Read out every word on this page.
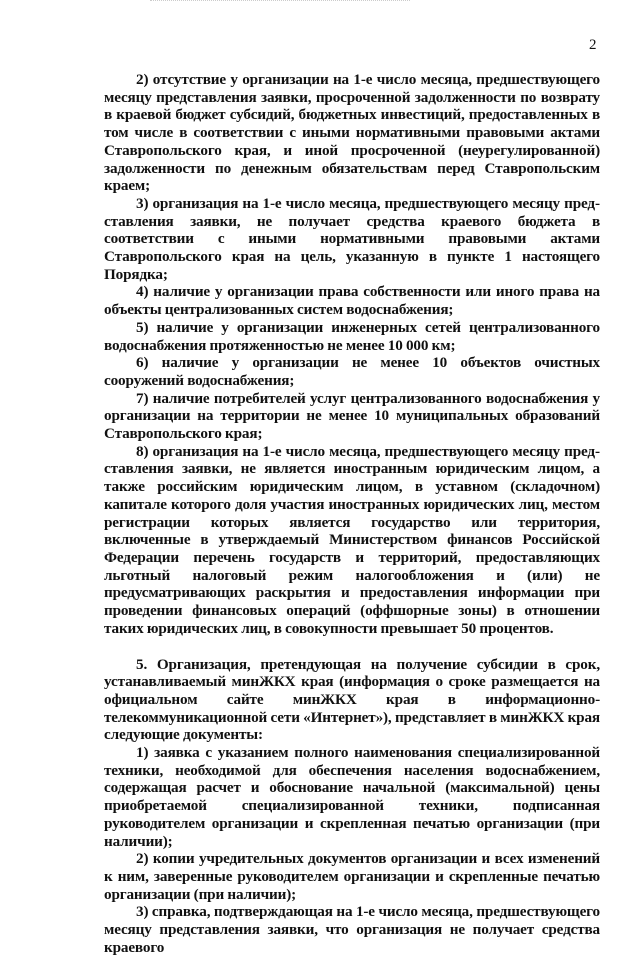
2

2) отсутствие у организации на 1-е число месяца, предшествующего месяцу представления заявки, просроченной задолженности по возврату в краевой бюджет субсидий, бюджетных инвестиций, предоставленных в том числе в соответствии с иными нормативными правовыми актами Ставропольского края, и иной просроченной (неурегулированной) задолженности по денежным обязательствам перед Ставропольским краем;

3) организация на 1-е число месяца, предшествующего месяцу представления заявки, не получает средства краевого бюджета в соответствии с иными нормативными правовыми актами Ставропольского края на цель, указанную в пункте 1 настоящего Порядка;

4) наличие у организации права собственности или иного права на объекты централизованных систем водоснабжения;

5) наличие у организации инженерных сетей централизованного водоснабжения протяженностью не менее 10 000 км;

6) наличие у организации не менее 10 объектов очистных сооружений водоснабжения;

7) наличие потребителей услуг централизованного водоснабжения у организации на территории не менее 10 муниципальных образований Ставропольского края;

8) организация на 1-е число месяца, предшествующего месяцу представления заявки, не является иностранным юридическим лицом, а также российским юридическим лицом, в уставном (складочном) капитале которого доля участия иностранных юридических лиц, местом регистрации которых является государство или территория, включенные в утверждаемый Министерством финансов Российской Федерации перечень государств и территорий, предоставляющих льготный налоговый режим налогообложения и (или) не предусматривающих раскрытия и предоставления информации при проведении финансовых операций (оффшорные зоны) в отношении таких юридических лиц, в совокупности превышает 50 процентов.

5. Организация, претендующая на получение субсидии в срок, устанавливаемый минЖКХ края (информация о сроке размещается на официальном сайте минЖКХ края в информационно-телекоммуникационной сети «Интернет»), представляет в минЖКХ края следующие документы:

1) заявка с указанием полного наименования специализированной техники, необходимой для обеспечения населения водоснабжением, содержащая расчет и обоснование начальной (максимальной) цены приобретаемой специализированной техники, подписанная руководителем организации и скрепленная печатью организации (при наличии);

2) копии учредительных документов организации и всех изменений к ним, заверенные руководителем организации и скрепленные печатью организации (при наличии);

3) справка, подтверждающая на 1-е число месяца, предшествующего месяцу представления заявки, что организация не получает средства краевого
